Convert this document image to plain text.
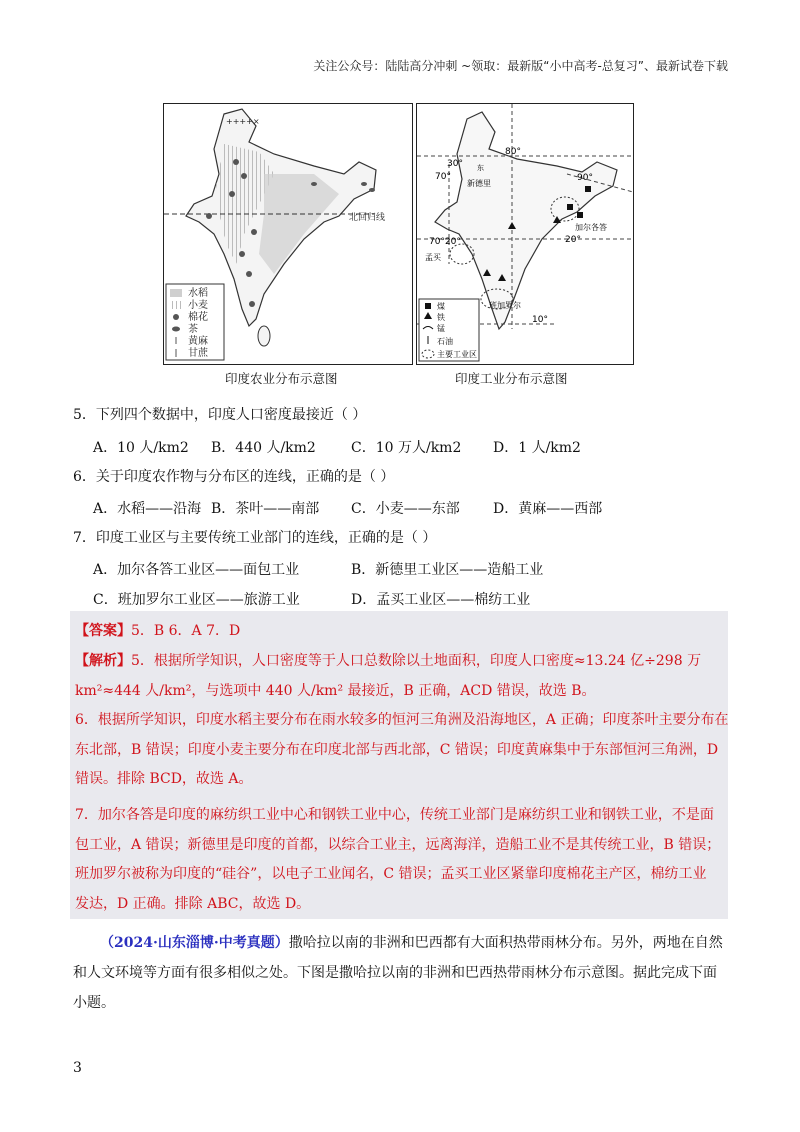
关注公众号：陆陆高分冲刺 ~领取：最新版“小中高考-总复习”、最新试卷下载
北回归线
++++×
水稻
小麦
棉花
茶
黄麻
甘蔗
印度农业分布示意图
30°
80°
70°	90°
70°20°	20°
10°
东
新德里
加尔各答
孟买
班加罗尔
煤
铁
锰
石油
主要工业区
印度工业分布示意图
5．下列四个数据中，印度人口密度最接近（ ）
A．10 人/km2 B．440 人/km2	C．10 万人/km2 D．1 人/km2
6．关于印度农作物与分布区的连线，正确的是（ ）
A．水稻——沿海 B．茶叶——南部 C．小麦——东部 D．黄麻——西部
7．印度工业区与主要传统工业部门的连线，正确的是（ ）
A．加尔各答工业区——面包工业	B．新德里工业区——造船工业
C．班加罗尔工业区——旅游工业	D．孟买工业区——棉纺工业
【答案】5．B 6．A 7．D
【解析】5．根据所学知识，人口密度等于人口总数除以土地面积，印度人口密度≈13.24 亿÷298 万
km²≈444 人/km²，与选项中 440 人/km² 最接近，B 正确，ACD 错误，故选 B。
6．根据所学知识，印度水稻主要分布在雨水较多的恒河三角洲及沿海地区，A 正确；印度茶叶主要分布在
东北部，B 错误；印度小麦主要分布在印度北部与西北部，C 错误；印度黄麻集中于东部恒河三角洲，D
错误。排除 BCD，故选 A。
7．加尔各答是印度的麻纺织工业中心和钢铁工业中心，传统工业部门是麻纺织工业和钢铁工业，不是面
包工业，A 错误；新德里是印度的首都，以综合工业主，远离海洋，造船工业不是其传统工业，B 错误；
班加罗尔被称为印度的“硅谷”，以电子工业闻名，C 错误；孟买工业区紧靠印度棉花主产区，棉纺工业
发达，D 正确。排除 ABC，故选 D。
（2024·山东淄博·中考真题）撒哈拉以南的非洲和巴西都有大面积热带雨林分布。另外，两地在自然
和人文环境等方面有很多相似之处。下图是撒哈拉以南的非洲和巴西热带雨林分布示意图。据此完成下面
小题。
3
